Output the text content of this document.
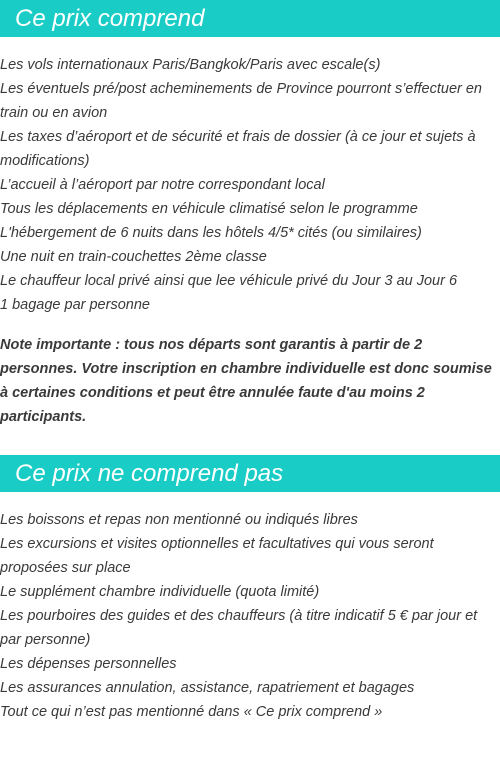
Ce prix comprend
Les vols internationaux Paris/Bangkok/Paris avec escale(s)
Les éventuels pré/post acheminements de Province pourront s’effectuer en train ou en avion
Les taxes d’aéroport et de sécurité et frais de dossier (à ce jour et sujets à modifications)
L’accueil à l’aéroport par notre correspondant local
Tous les déplacements en véhicule climatisé selon le programme
L'hébergement de 6 nuits dans les hôtels 4/5* cités (ou similaires)
Une nuit en train-couchettes 2ème classe
Le chauffeur local privé ainsi que lee véhicule privé du Jour 3 au Jour 6
1 bagage par personne

Note importante : tous nos départs sont garantis à partir de 2 personnes. Votre inscription en chambre individuelle est donc soumise à certaines conditions et peut être annulée faute d'au moins 2 participants.

Ce prix ne comprend pas
Les boissons et repas non mentionné ou indiqués libres
Les excursions et visites optionnelles et facultatives qui vous seront proposées sur place
Le supplément chambre individuelle (quota limité)
Les pourboires des guides et des chauffeurs (à titre indicatif 5 € par jour et par personne)
Les dépenses personnelles
Les assurances annulation, assistance, rapatriement et bagages
Tout ce qui n’est pas mentionné dans « Ce prix comprend »
